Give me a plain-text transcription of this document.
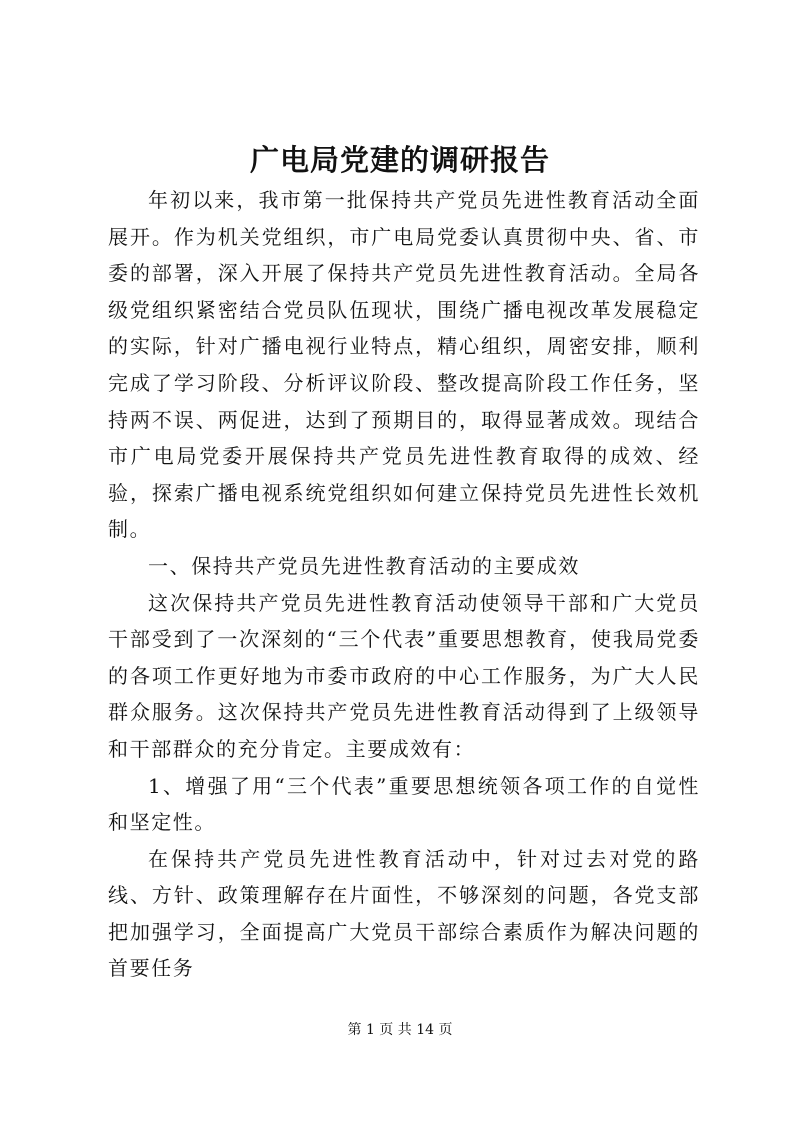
广电局党建的调研报告

年初以来，我市第一批保持共产党员先进性教育活动全面展开。作为机关党组织，市广电局党委认真贯彻中央、省、市委的部署，深入开展了保持共产党员先进性教育活动。全局各级党组织紧密结合党员队伍现状，围绕广播电视改革发展稳定的实际，针对广播电视行业特点，精心组织，周密安排，顺利完成了学习阶段、分析评议阶段、整改提高阶段工作任务，坚持两不误、两促进，达到了预期目的，取得显著成效。现结合市广电局党委开展保持共产党员先进性教育取得的成效、经验，探索广播电视系统党组织如何建立保持党员先进性长效机制。

一、保持共产党员先进性教育活动的主要成效

这次保持共产党员先进性教育活动使领导干部和广大党员干部受到了一次深刻的“三个代表”重要思想教育，使我局党委的各项工作更好地为市委市政府的中心工作服务，为广大人民群众服务。这次保持共产党员先进性教育活动得到了上级领导和干部群众的充分肯定。主要成效有：

1、增强了用“三个代表”重要思想统领各项工作的自觉性和坚定性。

在保持共产党员先进性教育活动中，针对过去对党的路线、方针、政策理解存在片面性，不够深刻的问题，各党支部把加强学习，全面提高广大党员干部综合素质作为解决问题的首要任务

第 1 页 共 14 页
